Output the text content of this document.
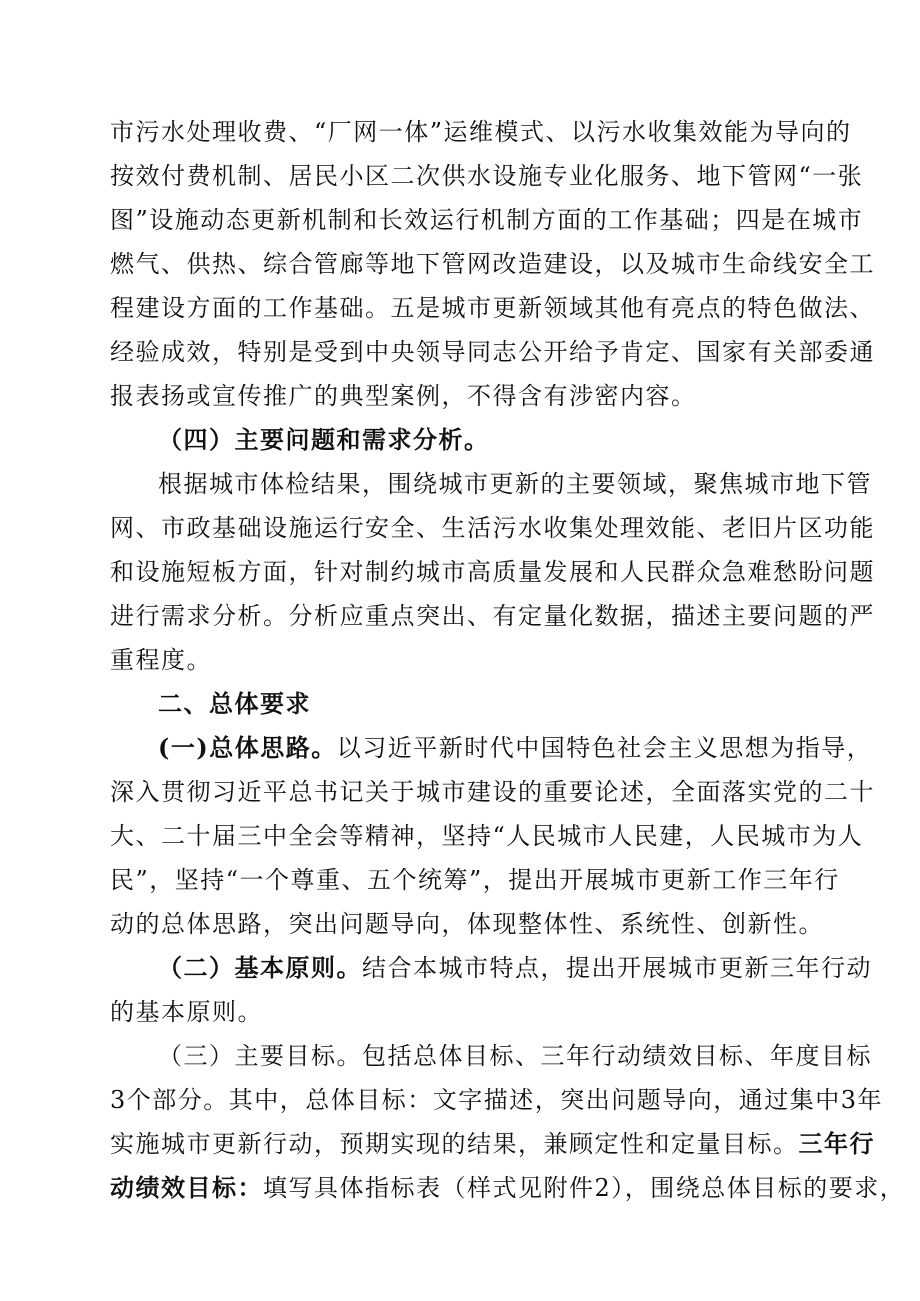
市污水处理收费、“厂网一体”运维模式、以污水收集效能为导向的
按效付费机制、居民小区二次供水设施专业化服务、地下管网“一张
图”设施动态更新机制和长效运行机制方面的工作基础；四是在城市
燃气、供热、综合管廊等地下管网改造建设，以及城市生命线安全工
程建设方面的工作基础。五是城市更新领域其他有亮点的特色做法、
经验成效，特别是受到中央领导同志公开给予肯定、国家有关部委通
报表扬或宣传推广的典型案例，不得含有涉密内容。
（四）主要问题和需求分析。
根据城市体检结果，围绕城市更新的主要领域，聚焦城市地下管
网、市政基础设施运行安全、生活污水收集处理效能、老旧片区功能
和设施短板方面，针对制约城市高质量发展和人民群众急难愁盼问题
进行需求分析。分析应重点突出、有定量化数据，描述主要问题的严
重程度。
二、总体要求
(一)总体思路。以习近平新时代中国特色社会主义思想为指导，
深入贯彻习近平总书记关于城市建设的重要论述，全面落实党的二十
大、二十届三中全会等精神，坚持“人民城市人民建，人民城市为人
民”，坚持“一个尊重、五个统筹”，提出开展城市更新工作三年行
动的总体思路，突出问题导向，体现整体性、系统性、创新性。
（二）基本原则。结合本城市特点，提出开展城市更新三年行动
的基本原则。
（三）主要目标。包括总体目标、三年行动绩效目标、年度目标
3个部分。其中，总体目标：文字描述，突出问题导向，通过集中3年
实施城市更新行动，预期实现的结果，兼顾定性和定量目标。三年行
动绩效目标：填写具体指标表（样式见附件2），围绕总体目标的要求，
